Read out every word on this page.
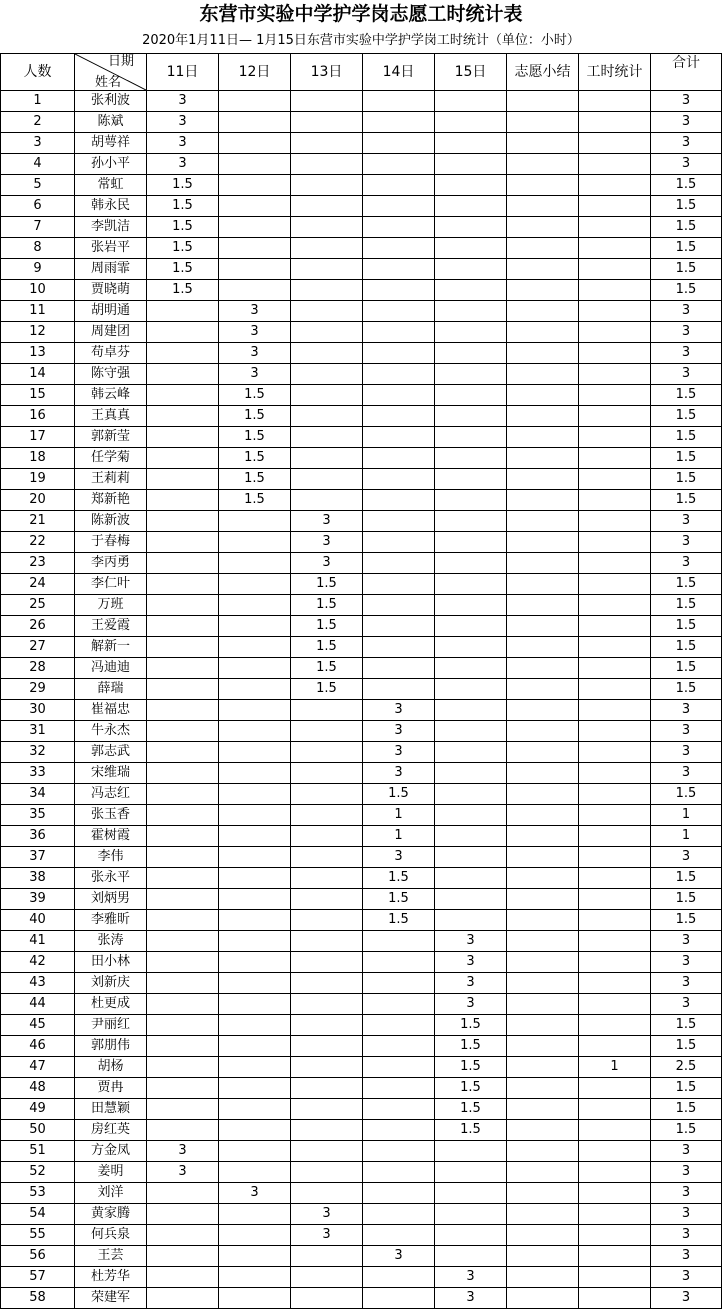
东营市实验中学护学岗志愿工时统计表
2020年1月11日— 1月15日东营市实验中学护学岗工时统计（单位：小时）
人数	日期
姓名	11日	12日	13日	14日	15日	志愿小结	工时统计	合计
1	张利波	3							3
2	陈斌	3							3
3	胡萼祥	3							3
4	孙小平	3							3
5	常虹	1.5							1.5
6	韩永民	1.5							1.5
7	李凯洁	1.5							1.5
8	张岩平	1.5							1.5
9	周雨霏	1.5							1.5
10	贾晓萌	1.5							1.5
11	胡明通		3						3
12	周建团		3						3
13	苟卓芬		3						3
14	陈守强		3						3
15	韩云峰		1.5						1.5
16	王真真		1.5						1.5
17	郭新莹		1.5						1.5
18	任学菊		1.5						1.5
19	王莉莉		1.5						1.5
20	郑新艳		1.5						1.5
21	陈新波			3					3
22	于春梅			3					3
23	李丙勇			3					3
24	李仁叶			1.5					1.5
25	万班			1.5					1.5
26	王爱霞			1.5					1.5
27	解新一			1.5					1.5
28	冯迪迪			1.5					1.5
29	薛瑞			1.5					1.5
30	崔福忠				3				3
31	牛永杰				3				3
32	郭志武				3				3
33	宋维瑞				3				3
34	冯志红				1.5				1.5
35	张玉香				1				1
36	霍树霞				1				1
37	李伟				3				3
38	张永平				1.5				1.5
39	刘炳男				1.5				1.5
40	李雅昕				1.5				1.5
41	张涛					3			3
42	田小林					3			3
43	刘新庆					3			3
44	杜更成					3			3
45	尹丽红					1.5			1.5
46	郭朋伟					1.5			1.5
47	胡杨					1.5		1	2.5
48	贾冉					1.5			1.5
49	田慧颖					1.5			1.5
50	房红英					1.5			1.5
51	方金凤	3							3
52	姜明	3							3
53	刘洋		3						3
54	黄家腾			3					3
55	何兵泉			3					3
56	王芸				3				3
57	杜芳华					3			3
58	荣建军					3			3
